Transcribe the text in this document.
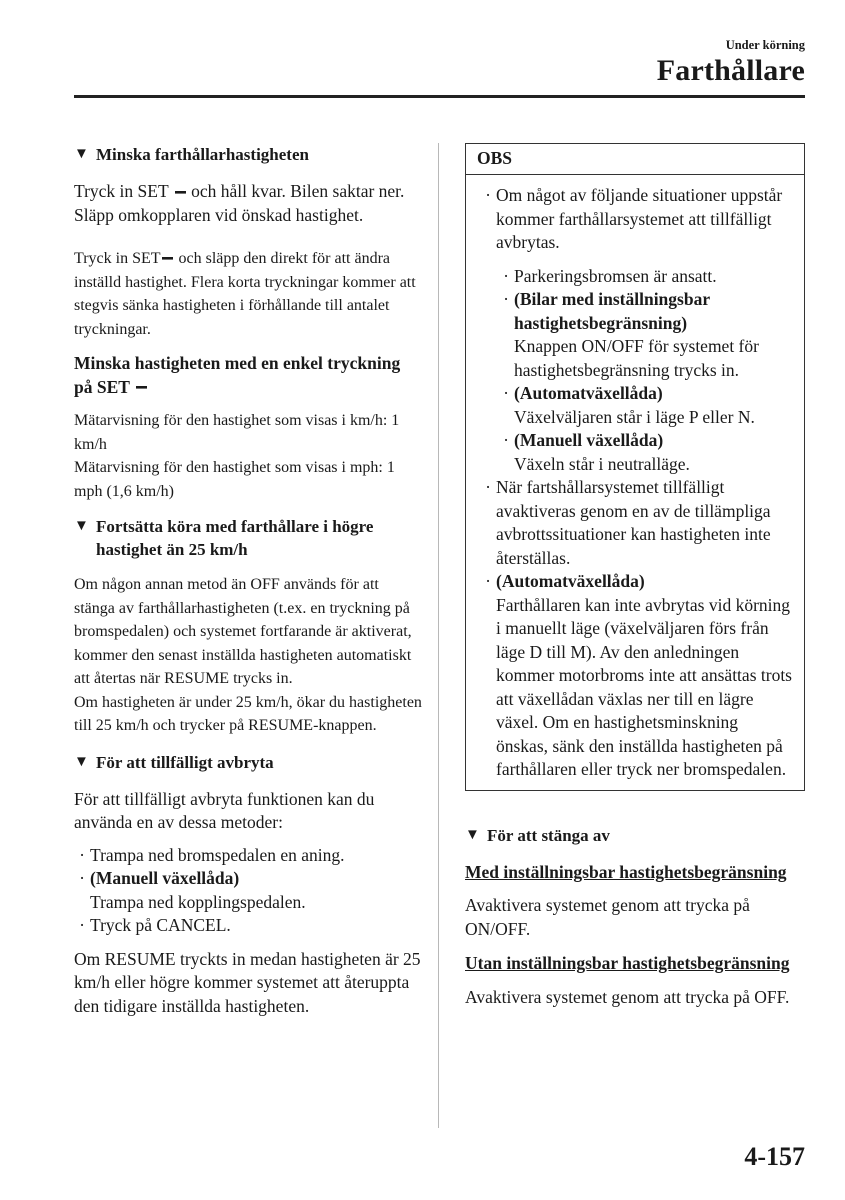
Under körning
Farthållare
▼ Minska farthållarhastigheten

Tryck in SET  och håll kvar. Bilen saktar ner. Släpp omkopplaren vid önskad hastighet.

Tryck in SET och släpp den direkt för att ändra inställd hastighet. Flera korta tryckningar kommer att stegvis sänka hastigheten i förhållande till antalet tryckningar.

Minska hastigheten med en enkel tryckning på SET

Mätarvisning för den hastighet som visas i km/h: 1 km/h

Mätarvisning för den hastighet som visas i mph: 1 mph (1,6 km/h)

▼ Fortsätta köra med farthållare i högre hastighet än 25 km/h

Om någon annan metod än OFF används för att stänga av farthållarhastigheten (t.ex. en tryckning på bromspedalen) och systemet fortfarande är aktiverat, kommer den senast inställda hastigheten automatiskt att återtas när RESUME trycks in.

Om hastigheten är under 25 km/h, ökar du hastigheten till 25 km/h och trycker på RESUME-knappen.

▼ För att tillfälligt avbryta

För att tillfälligt avbryta funktionen kan du använda en av dessa metoder:

· Trampa ned bromspedalen en aning.
· (Manuell växellåda)
Trampa ned kopplingspedalen.
· Tryck på CANCEL.

Om RESUME tryckts in medan hastigheten är 25 km/h eller högre kommer systemet att återuppta den tidigare inställda hastigheten.

OBS
· Om något av följande situationer uppstår kommer farthållarsystemet att tillfälligt avbrytas.
· Parkeringsbromsen är ansatt.
· (Bilar med inställningsbar hastighetsbegränsning)
Knappen ON/OFF för systemet för hastighetsbegränsning trycks in.
· (Automatväxellåda)
Växelväljaren står i läge P eller N.
· (Manuell växellåda)
Växeln står i neutralläge.
· När fartshållarsystemet tillfälligt avaktiveras genom en av de tillämpliga avbrottssituationer kan hastigheten inte återställas.
· (Automatväxellåda)
Farthållaren kan inte avbrytas vid körning i manuellt läge (växelväljaren förs från läge D till M). Av den anledningen kommer motorbroms inte att ansättas trots att växellådan växlas ner till en lägre växel. Om en hastighetsminskning önskas, sänk den inställda hastigheten på farthållaren eller tryck ner bromspedalen.
▼ För att stänga av

Med inställningsbar hastighetsbegränsning

Avaktivera systemet genom att trycka på ON/OFF.

Utan inställningsbar hastighetsbegränsning

Avaktivera systemet genom att trycka på OFF.

4-157
